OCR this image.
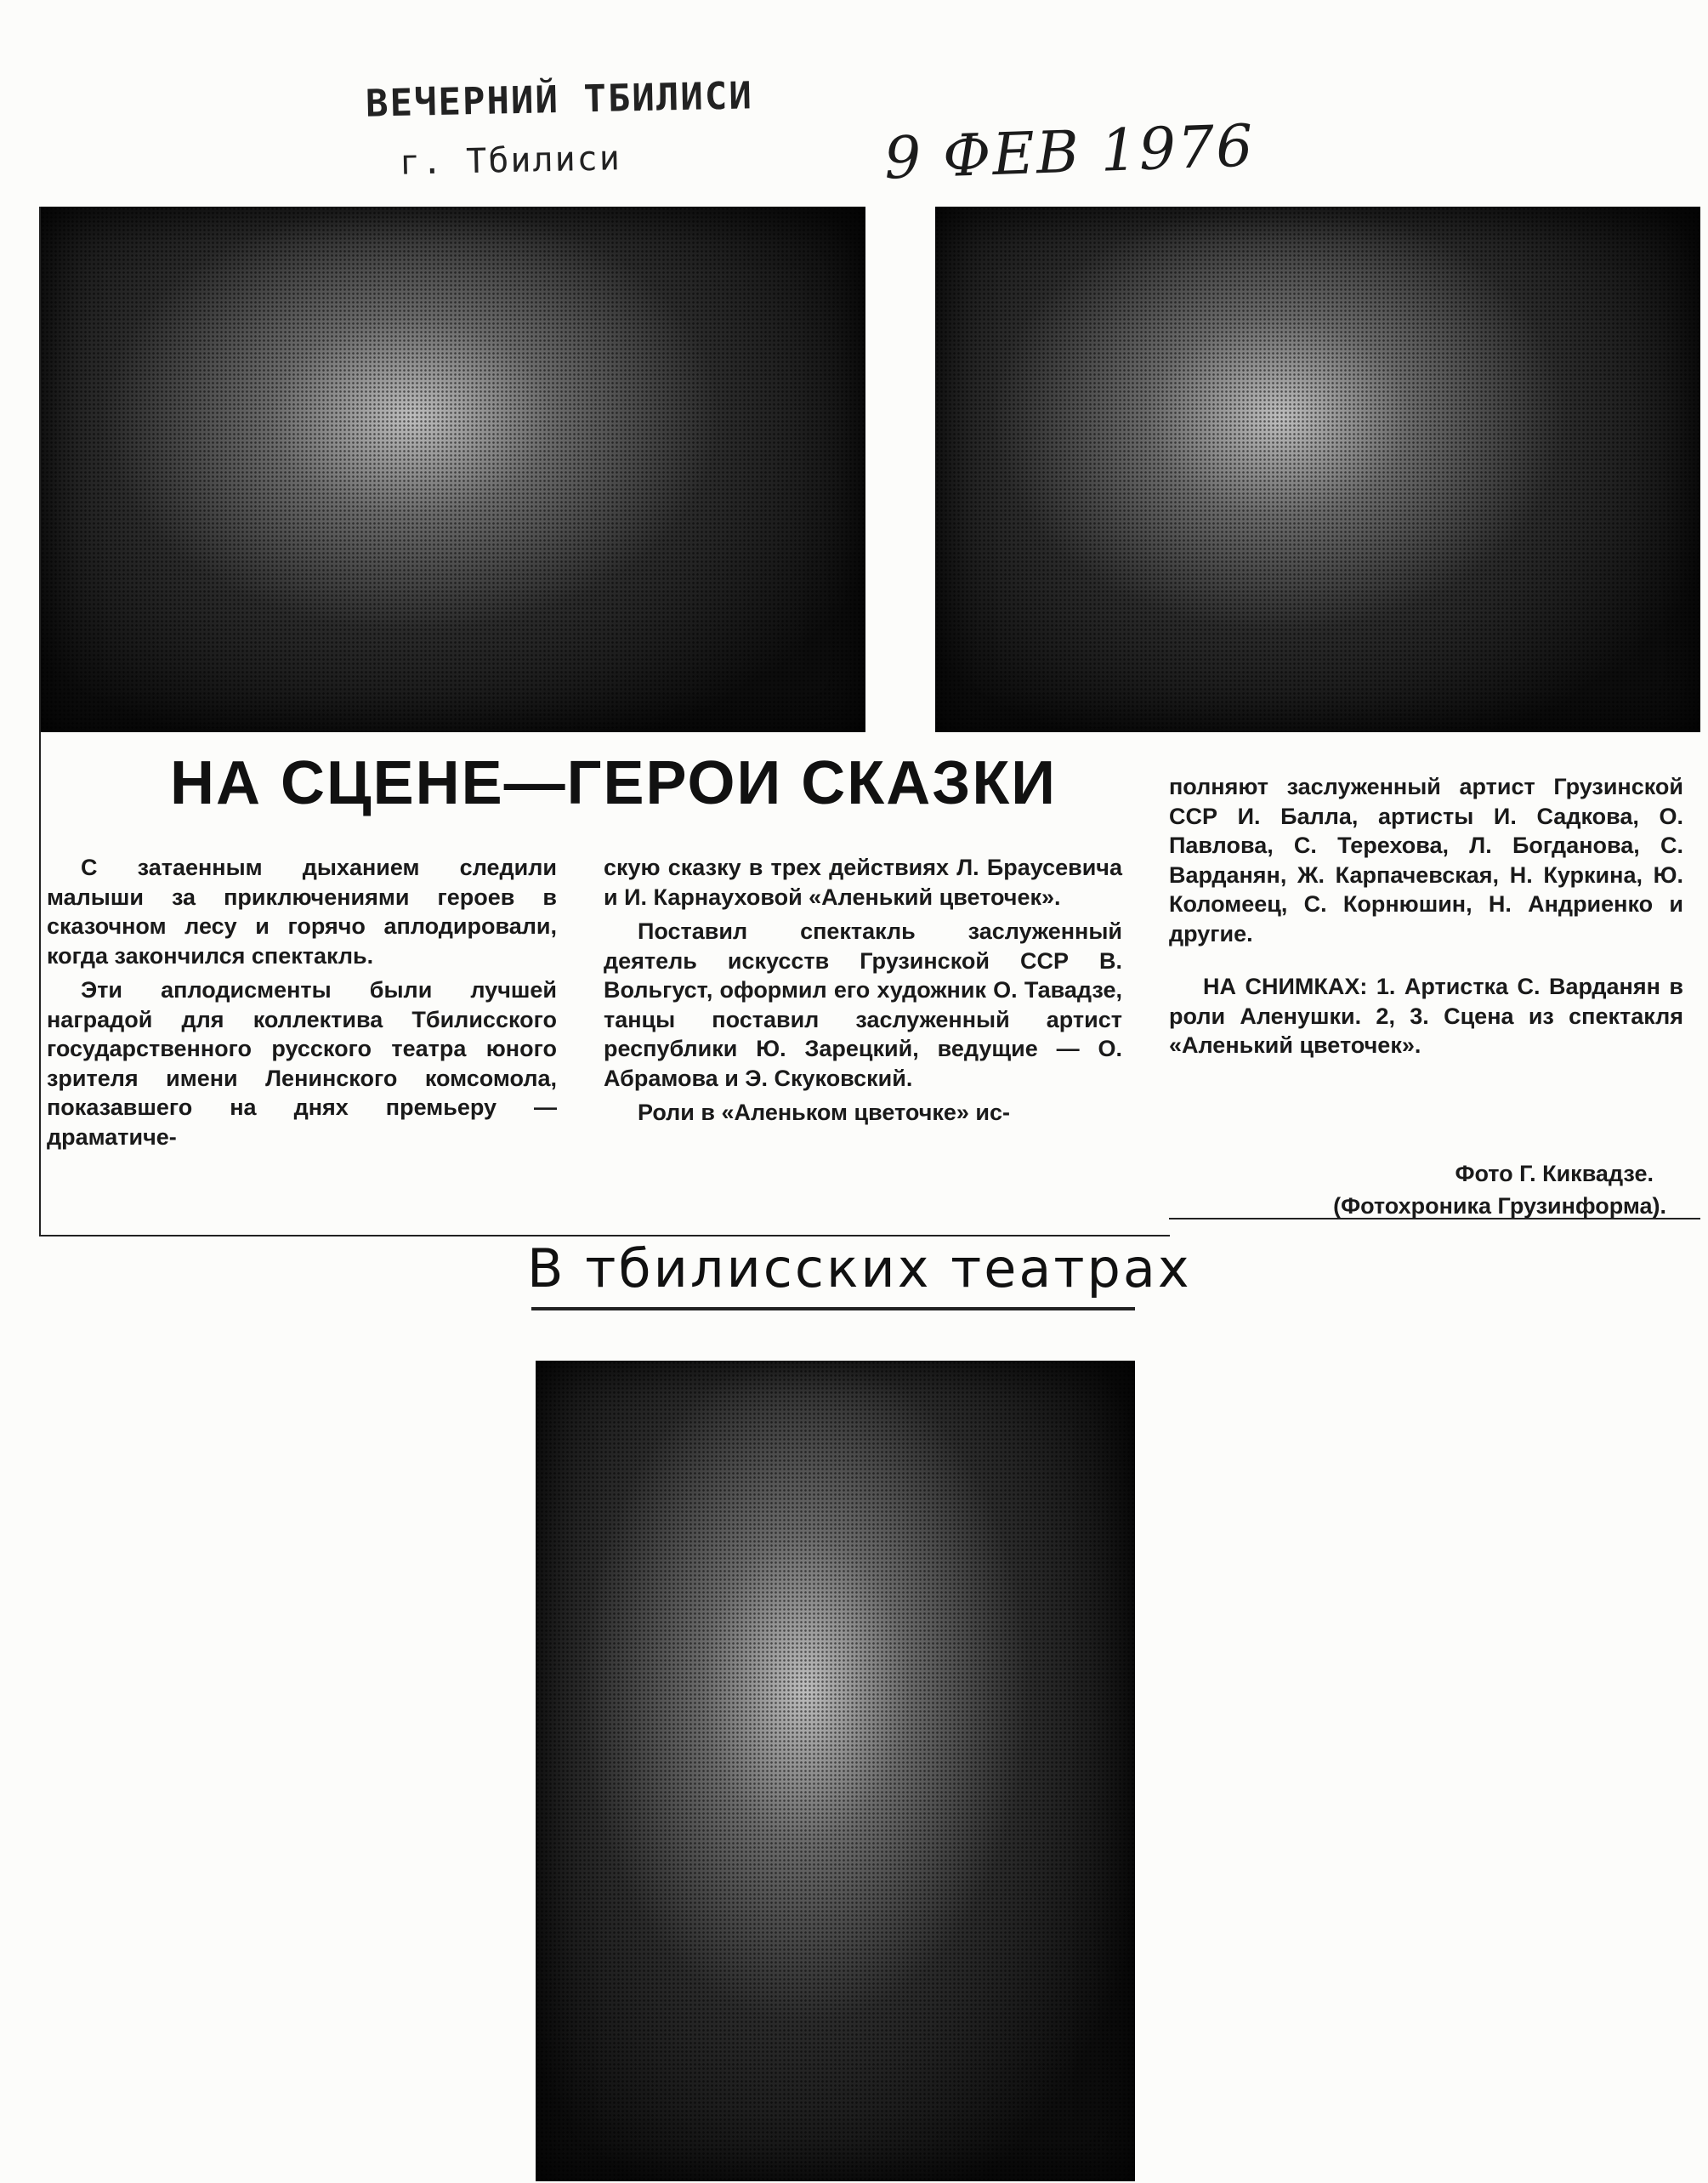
ВЕЧЕРНИЙ ТБИЛИСИ
г. Тбилиси	9 ФЕВ 1976
НА СЦЕНЕ—ГЕРОИ СКАЗКИ

С затаенным дыханием следили малыши за приключениями героев в сказочном лесу и горячо аплодировали, когда закончился спектакль.

Эти аплодисменты были лучшей наградой для коллектива Тбилисского государственного русского театра юного зрителя имени Ленинского комсомола, показавшего на днях премьеру — драматиче-

скую сказку в трех действиях Л. Браусевича и И. Карнауховой «Аленький цветочек».

Поставил спектакль заслуженный деятель искусств Грузинской ССР В. Вольгуст, оформил его художник О. Тавадзе, танцы поставил заслуженный артист республики Ю. Зарецкий, ведущие — О. Абрамова и Э. Скуковский.

Роли в «Аленьком цветочке» ис-

полняют заслуженный артист Грузинской ССР И. Балла, артисты И. Садкова, О. Павлова, С. Терехова, Л. Богданова, С. Варданян, Ж. Карпачевская, Н. Куркина, Ю. Коломеец, С. Корнюшин, Н. Андриенко и другие.

НА СНИМКАХ: 1. Артистка С. Варданян в роли Аленушки. 2, 3. Сцена из спектакля «Аленький цветочек».

Фото Г. Киквадзе.
(Фотохроника Грузинформа).
В тбилисских театрах
